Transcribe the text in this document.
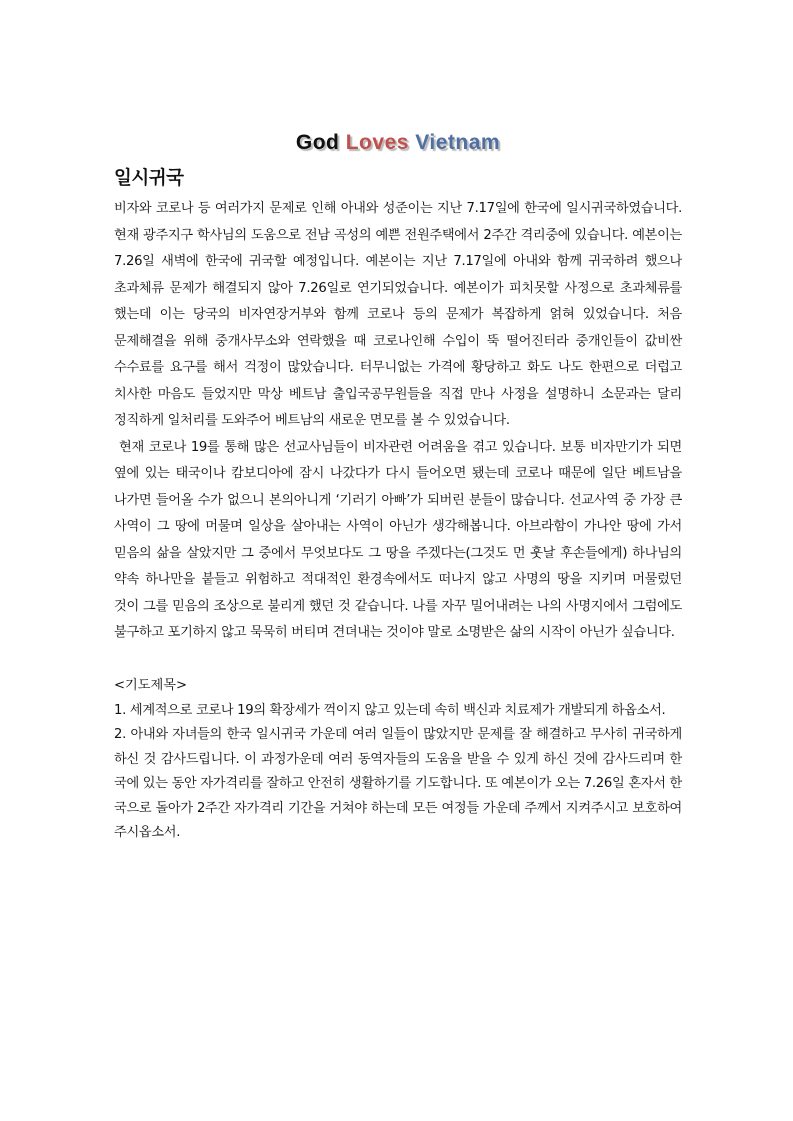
God Loves Vietnam
일시귀국

비자와 코로나 등 여러가지 문제로 인해 아내와 성준이는 지난 7.17일에 한국에 일시귀국하였습니다. 현재 광주지구 학사님의 도움으로 전남 곡성의 예쁜 전원주택에서 2주간 격리중에 있습니다. 예본이는 7.26일 새벽에 한국에 귀국할 예정입니다. 예본이는 지난 7.17일에 아내와 함께 귀국하려 했으나 초과체류 문제가 해결되지 않아 7.26일로 연기되었습니다. 예본이가 피치못할 사정으로 초과체류를 했는데 이는 당국의 비자연장거부와 함께 코로나 등의 문제가 복잡하게 얽혀 있었습니다. 처음 문제해결을 위해 중개사무소와 연락했을 때 코로나인해 수입이 뚝 떨어진터라 중개인들이 값비싼 수수료를 요구를 해서 걱정이 많았습니다. 터무니없는 가격에 황당하고 화도 나도 한편으로 더럽고 치사한 마음도 들었지만 막상 베트남 출입국공무원들을 직접 만나 사정을 설명하니 소문과는 달리 정직하게 일처리를 도와주어 베트남의 새로운 면모를 볼 수 있었습니다.

현재 코로나 19를 통해 많은 선교사님들이 비자관련 어려움을 겪고 있습니다. 보통 비자만기가 되면 옆에 있는 태국이나 캄보디아에 잠시 나갔다가 다시 들어오면 됐는데 코로나 때문에 일단 베트남을 나가면 들어올 수가 없으니 본의아니게 ‘기러기 아빠’가 되버린 분들이 많습니다. 선교사역 중 가장 큰 사역이 그 땅에 머물며 일상을 살아내는 사역이 아닌가 생각해봅니다. 아브라함이 가나안 땅에 가서 믿음의 삶을 살았지만 그 중에서 무엇보다도 그 땅을 주겠다는(그것도 먼 훗날 후손들에게) 하나님의 약속 하나만을 붙들고 위험하고 적대적인 환경속에서도 떠나지 않고 사명의 땅을 지키며 머물렀던 것이 그를 믿음의 조상으로 불리게 했던 것 같습니다. 나를 자꾸 밀어내려는 나의 사명지에서 그럼에도 불구하고 포기하지 않고 묵묵히 버티며 견뎌내는 것이야 말로 소명받은 삶의 시작이 아닌가 싶습니다.

<기도제목>

1. 세계적으로 코로나 19의 확장세가 꺽이지 않고 있는데 속히 백신과 치료제가 개발되게 하옵소서.

2. 아내와 자녀들의 한국 일시귀국 가운데 여러 일들이 많았지만 문제를 잘 해결하고 무사히 귀국하게 하신 것 감사드립니다. 이 과정가운데 여러 동역자들의 도움을 받을 수 있게 하신 것에 감사드리며 한국에 있는 동안 자가격리를 잘하고 안전히 생활하기를 기도합니다. 또 예본이가 오는 7.26일 혼자서 한국으로 돌아가 2주간 자가격리 기간을 거쳐야 하는데 모든 여정들 가운데 주께서 지켜주시고 보호하여주시옵소서.
